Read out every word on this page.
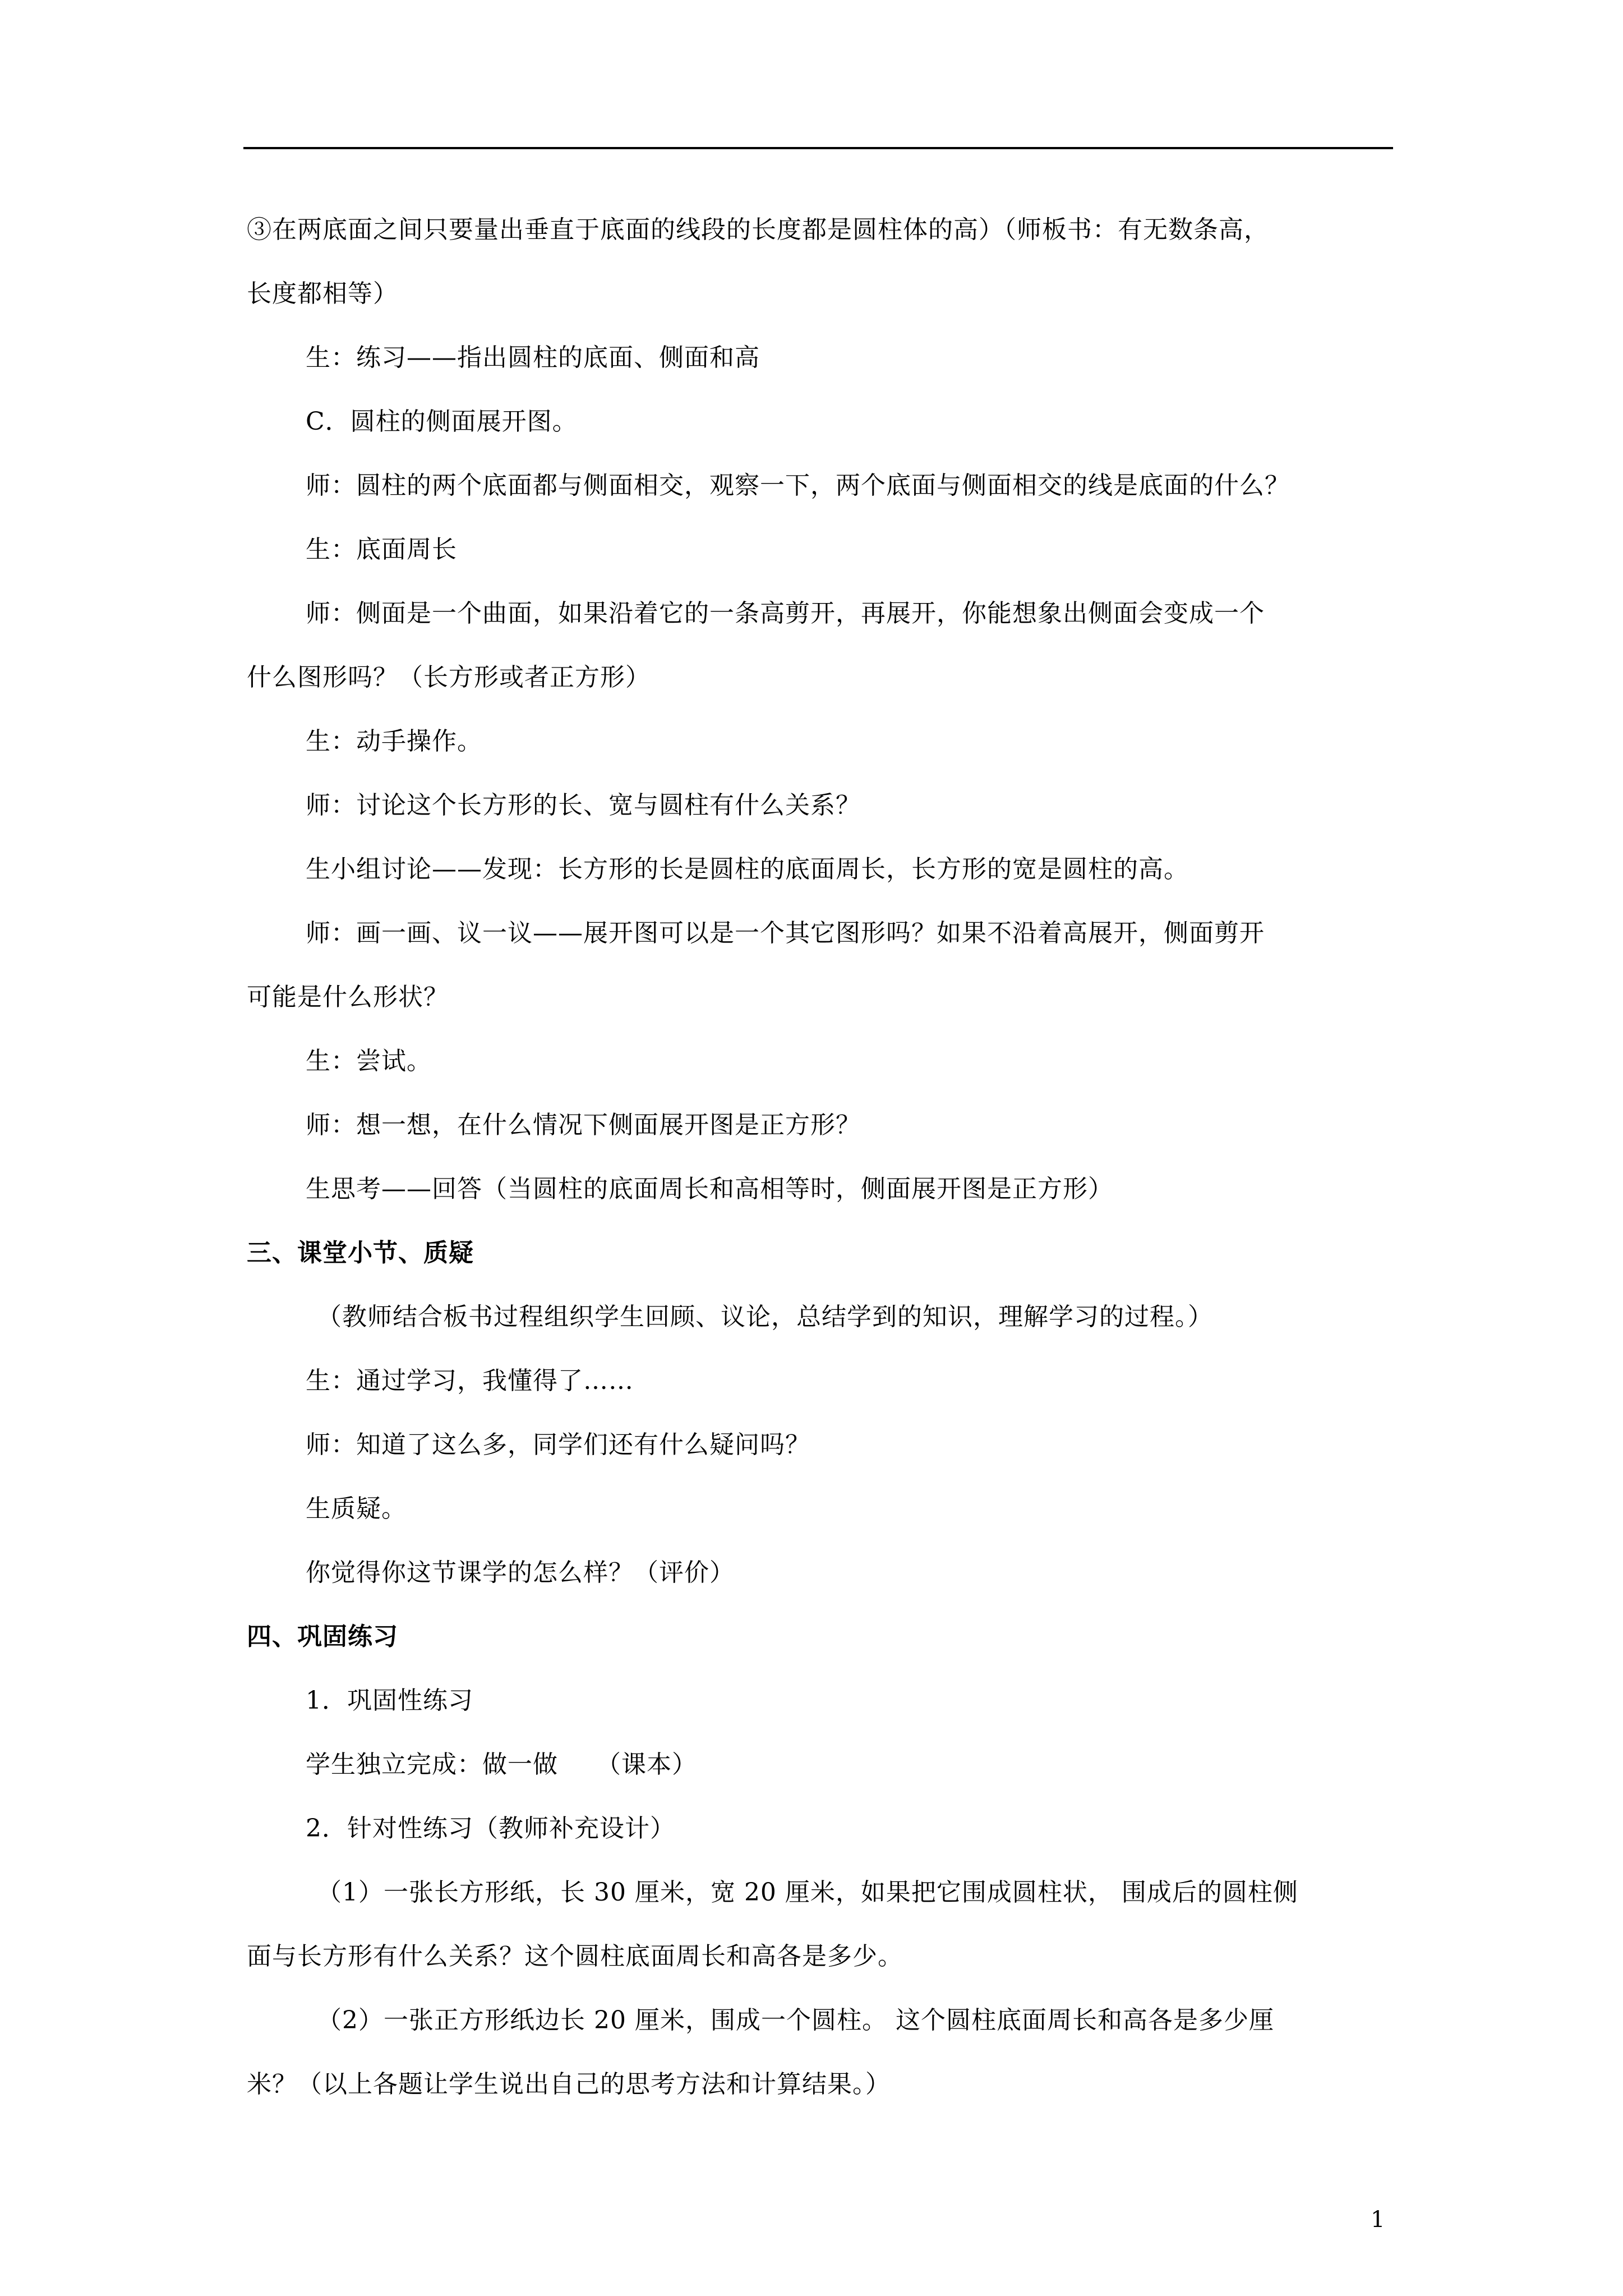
③在两底面之间只要量出垂直于底面的线段的长度都是圆柱体的高）（师板书：有无数条高，
长度都相等）
生：练习——指出圆柱的底面、侧面和高
C．圆柱的侧面展开图。
师：圆柱的两个底面都与侧面相交，观察一下，两个底面与侧面相交的线是底面的什么？
生：底面周长
师：侧面是一个曲面，如果沿着它的一条高剪开，再展开，你能想象出侧面会变成一个
什么图形吗？（长方形或者正方形）
生：动手操作。
师：讨论这个长方形的长、宽与圆柱有什么关系？
生小组讨论——发现：长方形的长是圆柱的底面周长，长方形的宽是圆柱的高。
师：画一画、议一议——展开图可以是一个其它图形吗？如果不沿着高展开，侧面剪开
可能是什么形状？
生：尝试。
师：想一想，在什么情况下侧面展开图是正方形？
生思考——回答（当圆柱的底面周长和高相等时，侧面展开图是正方形）
三、课堂小节、质疑
（教师结合板书过程组织学生回顾、议论，总结学到的知识，理解学习的过程。）
生：通过学习，我懂得了……
师：知道了这么多，同学们还有什么疑问吗？
生质疑。
你觉得你这节课学的怎么样？（评价）
四、巩固练习
1．巩固性练习
学生独立完成：做一做　　（课本）
2．针对性练习（教师补充设计）
（1）一张长方形纸，长 30 厘米，宽 20 厘米，如果把它围成圆柱状， 围成后的圆柱侧
面与长方形有什么关系？这个圆柱底面周长和高各是多少。
（2）一张正方形纸边长 20 厘米，围成一个圆柱。 这个圆柱底面周长和高各是多少厘
米？（以上各题让学生说出自己的思考方法和计算结果。）
1
